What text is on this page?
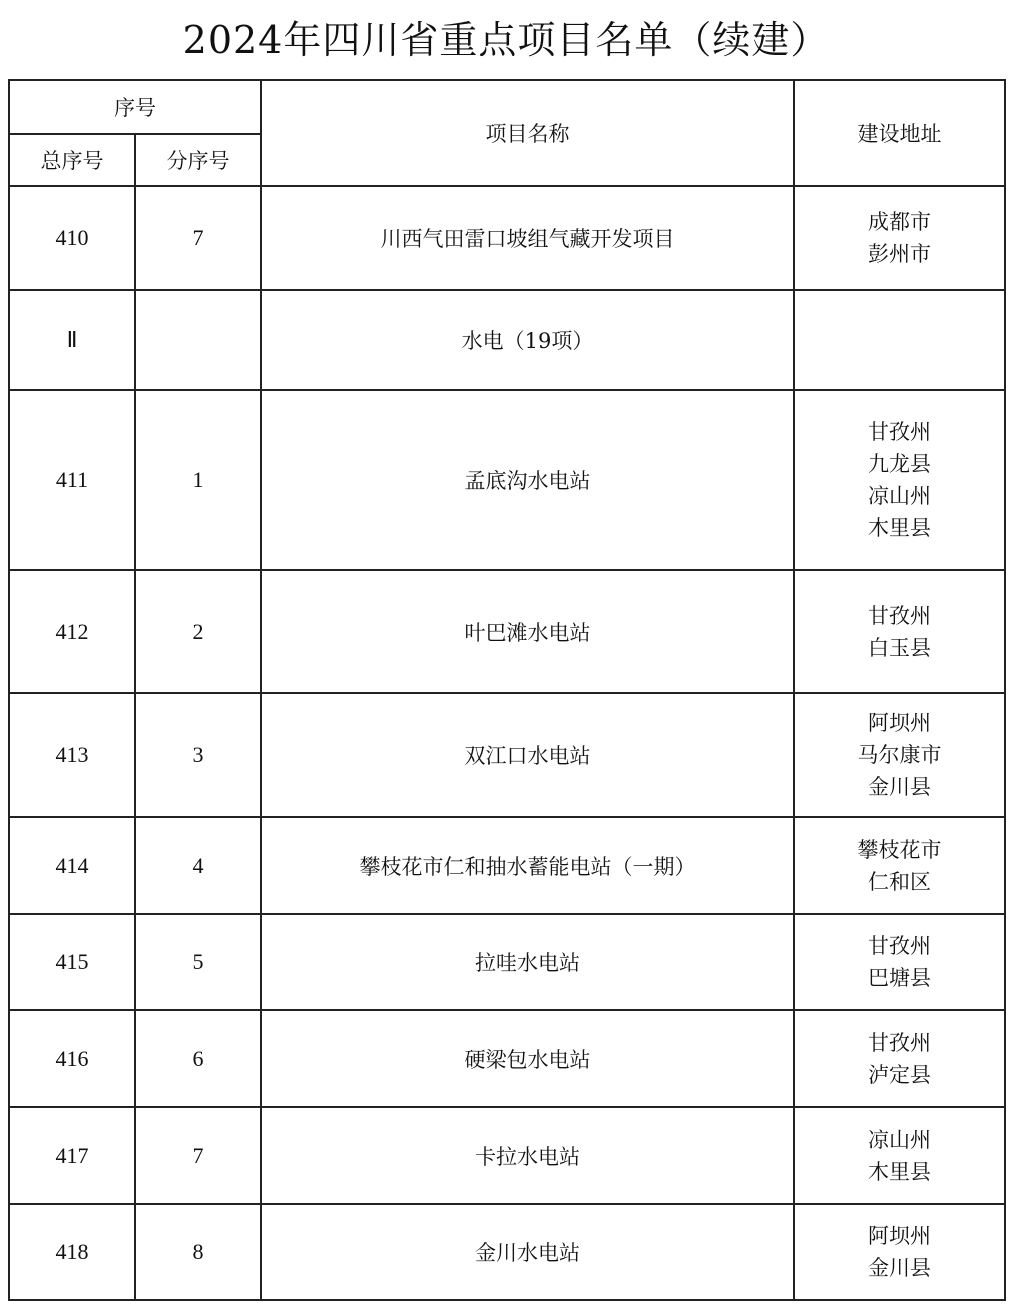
2024年四川省重点项目名单（续建）
序号		项目名称	建设地址
总序号	分序号		
410	7	川西气田雷口坡组气藏开发项目	成都市
彭州市

Ⅱ		水电（19项）	
411	1	孟底沟水电站	甘孜州
九龙县
凉山州
木里县

412	2	叶巴滩水电站	甘孜州
白玉县

413	3	双江口水电站	阿坝州
马尔康市
金川县

414	4	攀枝花市仁和抽水蓄能电站（一期）	攀枝花市
仁和区

415	5	拉哇水电站	甘孜州
巴塘县

416	6	硬梁包水电站	甘孜州
泸定县

417	7	卡拉水电站	凉山州
木里县

418	8	金川水电站	阿坝州
金川县
